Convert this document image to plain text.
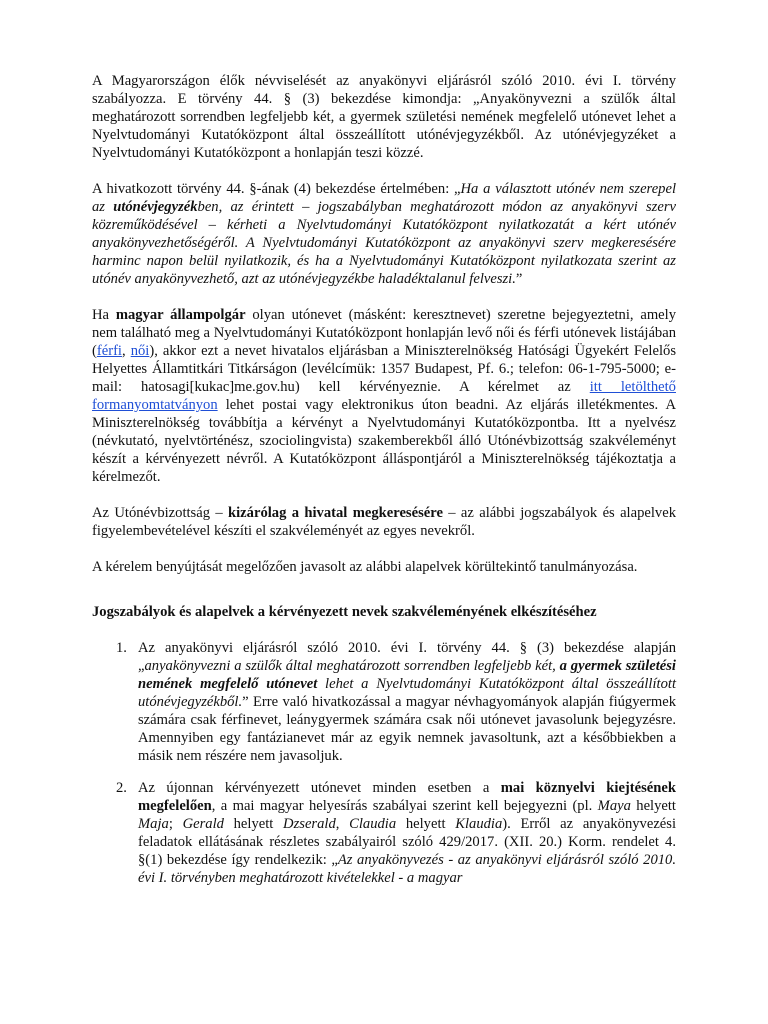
A Magyarországon élők névviselését az anyakönyvi eljárásról szóló 2010. évi I. törvény szabályozza. E törvény 44. § (3) bekezdése kimondja: „Anyakönyvezni a szülők által meghatározott sorrendben legfeljebb két, a gyermek születési nemének megfelelő utónevet lehet a Nyelvtudományi Kutatóközpont által összeállított utónévjegyzékből. Az utónévjegyzéket a Nyelvtudományi Kutatóközpont a honlapján teszi közzé.

A hivatkozott törvény 44. §-ának (4) bekezdése értelmében: „Ha a választott utónév nem szerepel az utónévjegyzékben, az érintett – jogszabályban meghatározott módon az anyakönyvi szerv közreműködésével – kérheti a Nyelvtudományi Kutatóközpont nyilatkozatát a kért utónév anyakönyvezhetőségéről. A Nyelvtudományi Kutatóközpont az anyakönyvi szerv megkeresésére harminc napon belül nyilatkozik, és ha a Nyelvtudományi Kutatóközpont nyilatkozata szerint az utónév anyakönyvezhető, azt az utónévjegyzékbe haladéktalanul felveszi.”

Ha magyar állampolgár olyan utónevet (másként: keresztnevet) szeretne bejegyeztetni, amely nem található meg a Nyelvtudományi Kutatóközpont honlapján levő női és férfi utónevek listájában (férfi, női), akkor ezt a nevet hivatalos eljárásban a Miniszterelnökség Hatósági Ügyekért Felelős Helyettes Államtitkári Titkárságon (levélcímük: 1357 Budapest, Pf. 6.; telefon: 06-1-795-5000; e-mail: hatosagi[kukac]me.gov.hu) kell kérvényeznie. A kérelmet az itt letölthető formanyomtatványon lehet postai vagy elektronikus úton beadni. Az eljárás illetékmentes. A Miniszterelnökség továbbítja a kérvényt a Nyelvtudományi Kutatóközpontba. Itt a nyelvész (névkutató, nyelvtörténész, szociolingvista) szakemberekből álló Utónévbizottság szakvéleményt készít a kérvényezett névről. A Kutatóközpont álláspontjáról a Miniszterelnökség tájékoztatja a kérelmezőt.

Az Utónévbizottság – kizárólag a hivatal megkeresésére – az alábbi jogszabályok és alapelvek figyelembevételével készíti el szakvéleményét az egyes nevekről.

A kérelem benyújtását megelőzően javasolt az alábbi alapelvek körültekintő tanulmányozása.

Jogszabályok és alapelvek a kérvényezett nevek szakvéleményének elkészítéséhez

1. Az anyakönyvi eljárásról szóló 2010. évi I. törvény 44. § (3) bekezdése alapján „anyakönyvezni a szülők által meghatározott sorrendben legfeljebb két, a gyermek születési nemének megfelelő utónevet lehet a Nyelvtudományi Kutatóközpont által összeállított utónévjegyzékből.” Erre való hivatkozással a magyar névhagyományok alapján fiúgyermek számára csak férfinevet, leánygyermek számára csak női utónevet javasolunk bejegyzésre. Amennyiben egy fantázianevet már az egyik nemnek javasoltunk, azt a későbbiekben a másik nem részére nem javasoljuk.
2. Az újonnan kérvényezett utónevet minden esetben a mai köznyelvi kiejtésének megfelelően, a mai magyar helyesírás szabályai szerint kell bejegyezni (pl. Maya helyett Maja; Gerald helyett Dzserald, Claudia helyett Klaudia). Erről az anyakönyvezési feladatok ellátásának részletes szabályairól szóló 429/2017. (XII. 20.) Korm. rendelet 4. §(1) bekezdése így rendelkezik: „Az anyakönyvezés - az anyakönyvi eljárásról szóló 2010. évi I. törvényben meghatározott kivételekkel - a magyar
